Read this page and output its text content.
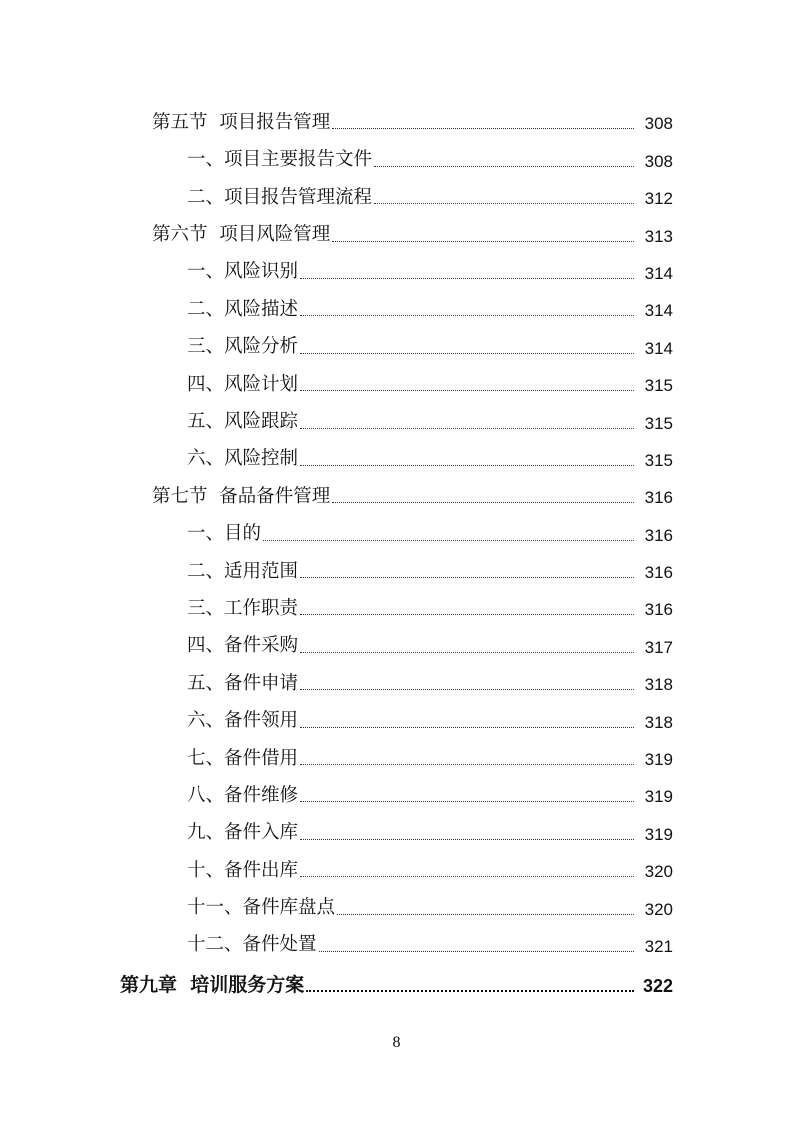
第五节  项目报告管理	308
一、项目主要报告文件	308
二、项目报告管理流程	312
第六节  项目风险管理	313
一、风险识别	314
二、风险描述	314
三、风险分析	314
四、风险计划	315
五、风险跟踪	315
六、风险控制	315
第七节  备品备件管理	316
一、目的	316
二、适用范围	316
三、工作职责	316
四、备件采购	317
五、备件申请	318
六、备件领用	318
七、备件借用	319
八、备件维修	319
九、备件入库	319
十、备件出库	320
十一、备件库盘点	320
十二、备件处置	321
第九章  培训服务方案	322
8
